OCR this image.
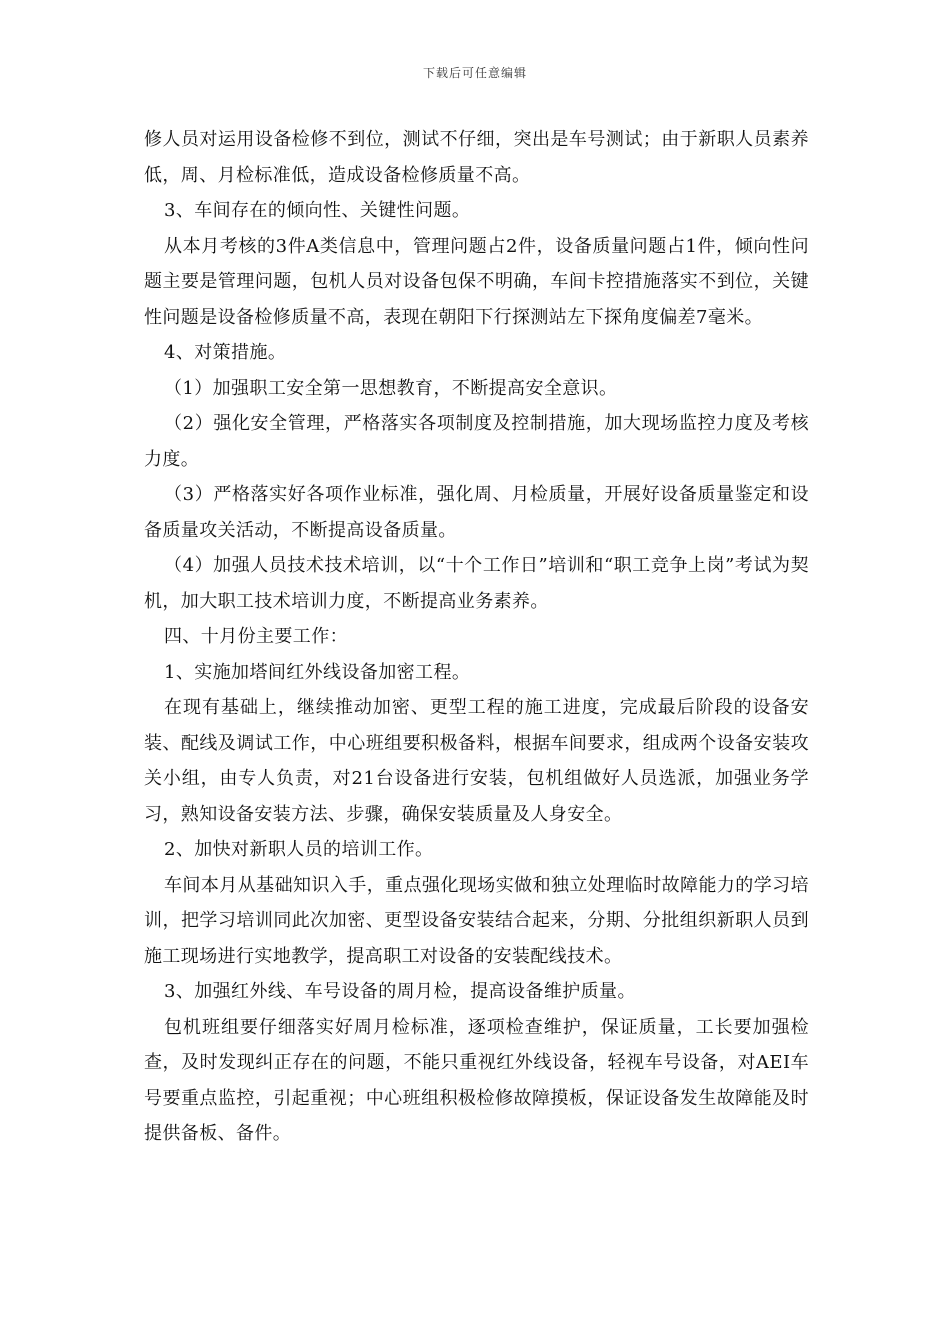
下载后可任意编辑

修人员对运用设备检修不到位，测试不仔细，突出是车号测试；由于新职人员素养低，周、月检标准低，造成设备检修质量不高。

3、车间存在的倾向性、关键性问题。

从本月考核的3件A类信息中，管理问题占2件，设备质量问题占1件，倾向性问题主要是管理问题，包机人员对设备包保不明确，车间卡控措施落实不到位，关键性问题是设备检修质量不高，表现在朝阳下行探测站左下探角度偏差7毫米。

4、对策措施。

（1）加强职工安全第一思想教育，不断提高安全意识。

（2）强化安全管理，严格落实各项制度及控制措施，加大现场监控力度及考核力度。

（3）严格落实好各项作业标准，强化周、月检质量，开展好设备质量鉴定和设备质量攻关活动，不断提高设备质量。

（4）加强人员技术技术培训，以“十个工作日”培训和“职工竞争上岗”考试为契机，加大职工技术培训力度，不断提高业务素养。

四、十月份主要工作：

1、实施加塔间红外线设备加密工程。

在现有基础上，继续推动加密、更型工程的施工进度，完成最后阶段的设备安装、配线及调试工作，中心班组要积极备料，根据车间要求，组成两个设备安装攻关小组，由专人负责，对21台设备进行安装，包机组做好人员选派，加强业务学习，熟知设备安装方法、步骤，确保安装质量及人身安全。

2、加快对新职人员的培训工作。

车间本月从基础知识入手，重点强化现场实做和独立处理临时故障能力的学习培训，把学习培训同此次加密、更型设备安装结合起来，分期、分批组织新职人员到施工现场进行实地教学，提高职工对设备的安装配线技术。

3、加强红外线、车号设备的周月检，提高设备维护质量。

包机班组要仔细落实好周月检标准，逐项检查维护，保证质量，工长要加强检查，及时发现纠正存在的问题，不能只重视红外线设备，轻视车号设备，对AEI车号要重点监控，引起重视；中心班组积极检修故障摸板，保证设备发生故障能及时提供备板、备件。
